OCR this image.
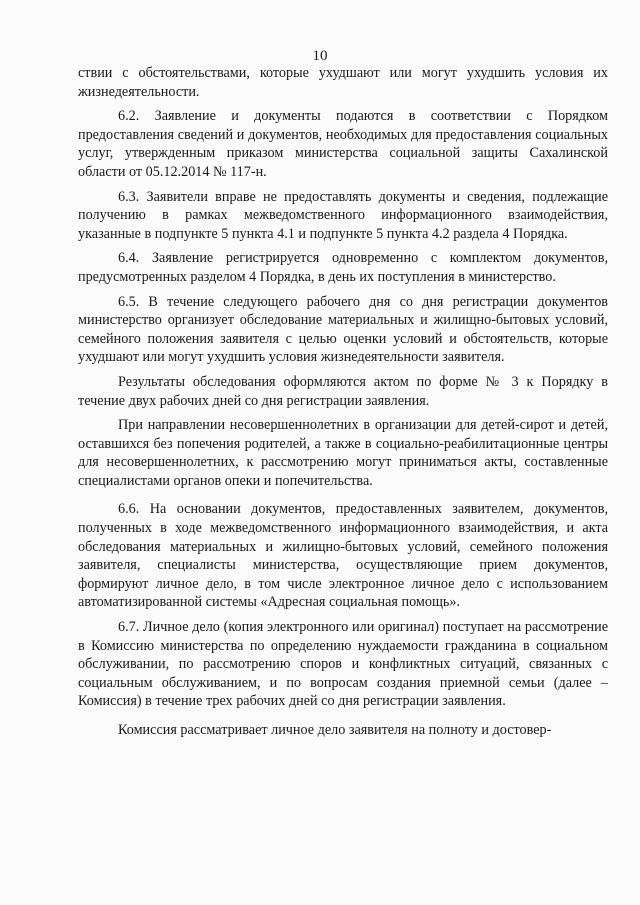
10

ствии с обстоятельствами, которые ухудшают или могут ухудшить условия их жизнедеятельности.

6.2. Заявление и документы подаются в соответствии с Порядком предоставления сведений и документов, необходимых для предоставления социальных услуг, утвержденным приказом министерства социальной защиты Сахалинской области от 05.12.2014 № 117-н.

6.3. Заявители вправе не предоставлять документы и сведения, подлежащие получению в рамках межведомственного информационного взаимодействия, указанные в подпункте 5 пункта 4.1 и подпункте 5 пункта 4.2 раздела 4 Порядка.

6.4. Заявление регистрируется одновременно с комплектом документов, предусмотренных разделом 4 Порядка, в день их поступления в министерство.

6.5. В течение следующего рабочего дня со дня регистрации документов министерство организует обследование материальных и жилищно-бытовых условий, семейного положения заявителя с целью оценки условий и обстоятельств, которые ухудшают или могут ухудшить условия жизнедеятельности заявителя.

Результаты обследования оформляются актом по форме № 3 к Порядку в течение двух рабочих дней со дня регистрации заявления.

При направлении несовершеннолетних в организации для детей-сирот и детей, оставшихся без попечения родителей, а также в социально-реабилитационные центры для несовершеннолетних, к рассмотрению могут приниматься акты, составленные специалистами органов опеки и попечительства.

6.6. На основании документов, предоставленных заявителем, документов, полученных в ходе межведомственного информационного взаимодействия, и акта обследования материальных и жилищно-бытовых условий, семейного положения заявителя, специалисты министерства, осуществляющие прием документов, формируют личное дело, в том числе электронное личное дело с использованием автоматизированной системы «Адресная социальная помощь».

6.7. Личное дело (копия электронного или оригинал) поступает на рассмотрение в Комиссию министерства по определению нуждаемости гражданина в социальном обслуживании, по рассмотрению споров и конфликтных ситуаций, связанных с социальным обслуживанием, и по вопросам создания приемной семьи (далее – Комиссия) в течение трех рабочих дней со дня регистрации заявления.

Комиссия рассматривает личное дело заявителя на полноту и достовер-
